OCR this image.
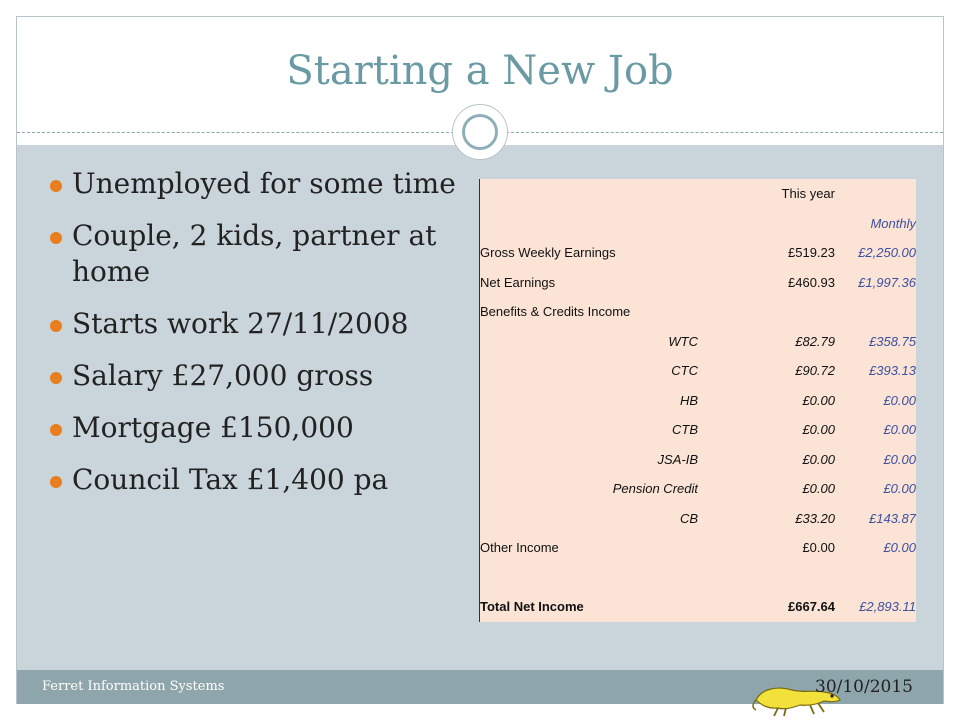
Starting a New Job
Unemployed for some time
Couple, 2 kids, partner at home
Starts work 27/11/2008
Salary £27,000 gross
Mortgage £150,000
Council Tax £1,400 pa
	This year	
		Monthly
Gross Weekly Earnings	£519.23	£2,250.00
Net Earnings	£460.93	£1,997.36
Benefits & Credits Income		
WTC	£82.79	£358.75
CTC	£90.72	£393.13
HB	£0.00	£0.00
CTB	£0.00	£0.00
JSA-IB	£0.00	£0.00
Pension Credit	£0.00	£0.00
CB	£33.20	£143.87
Other Income	£0.00	£0.00

Total Net Income	£667.64	£2,893.11
Ferret Information Systems	30/10/2015
